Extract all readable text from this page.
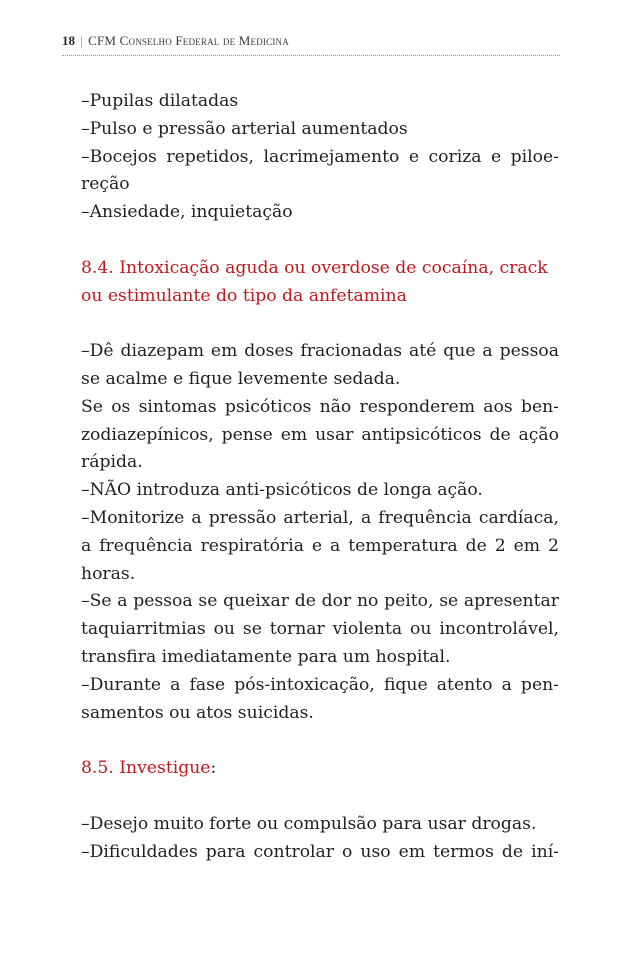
18 | CFM Conselho Federal de Medicina
–Pupilas dilatadas
–Pulso e pressão arterial aumentados
–Bocejos repetidos, lacrimejamento e coriza e piloe-
reção
–Ansiedade, inquietação
8.4. Intoxicação aguda ou overdose de cocaína, crack
ou estimulante do tipo da anfetamina
–Dê diazepam em doses fracionadas até que a pessoa
se acalme e fique levemente sedada.
Se os sintomas psicóticos não responderem aos ben-
zodiazepínicos, pense em usar antipsicóticos de ação
rápida.
–NÃO introduza anti-psicóticos de longa ação.
–Monitorize a pressão arterial, a frequência cardíaca,
a frequência respiratória e a temperatura de 2 em 2
horas.
–Se a pessoa se queixar de dor no peito, se apresentar
taquiarritmias ou se tornar violenta ou incontrolável,
transfira imediatamente para um hospital.
–Durante a fase pós-intoxicação, fique atento a pen-
samentos ou atos suicidas.
8.5. Investigue:
–Desejo muito forte ou compulsão para usar drogas.
–Dificuldades para controlar o uso em termos de iní-
